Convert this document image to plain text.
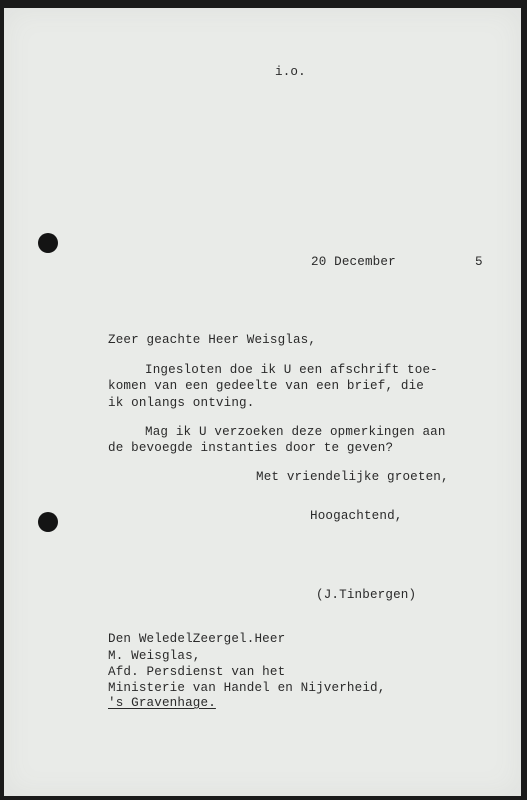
i.o.
20 December	5
Zeer geachte Heer Weisglas,
Ingesloten doe ik U een afschrift toe-
komen van een gedeelte van een brief, die
ik onlangs ontving.
Mag ik U verzoeken deze opmerkingen aan
de bevoegde instanties door te geven?
Met vriendelijke groeten,
Hoogachtend,
(J.Tinbergen)
Den WeledelZeergel.Heer
M. Weisglas,
Afd. Persdienst van het
Ministerie van Handel en Nijverheid,
's Gravenhage.
